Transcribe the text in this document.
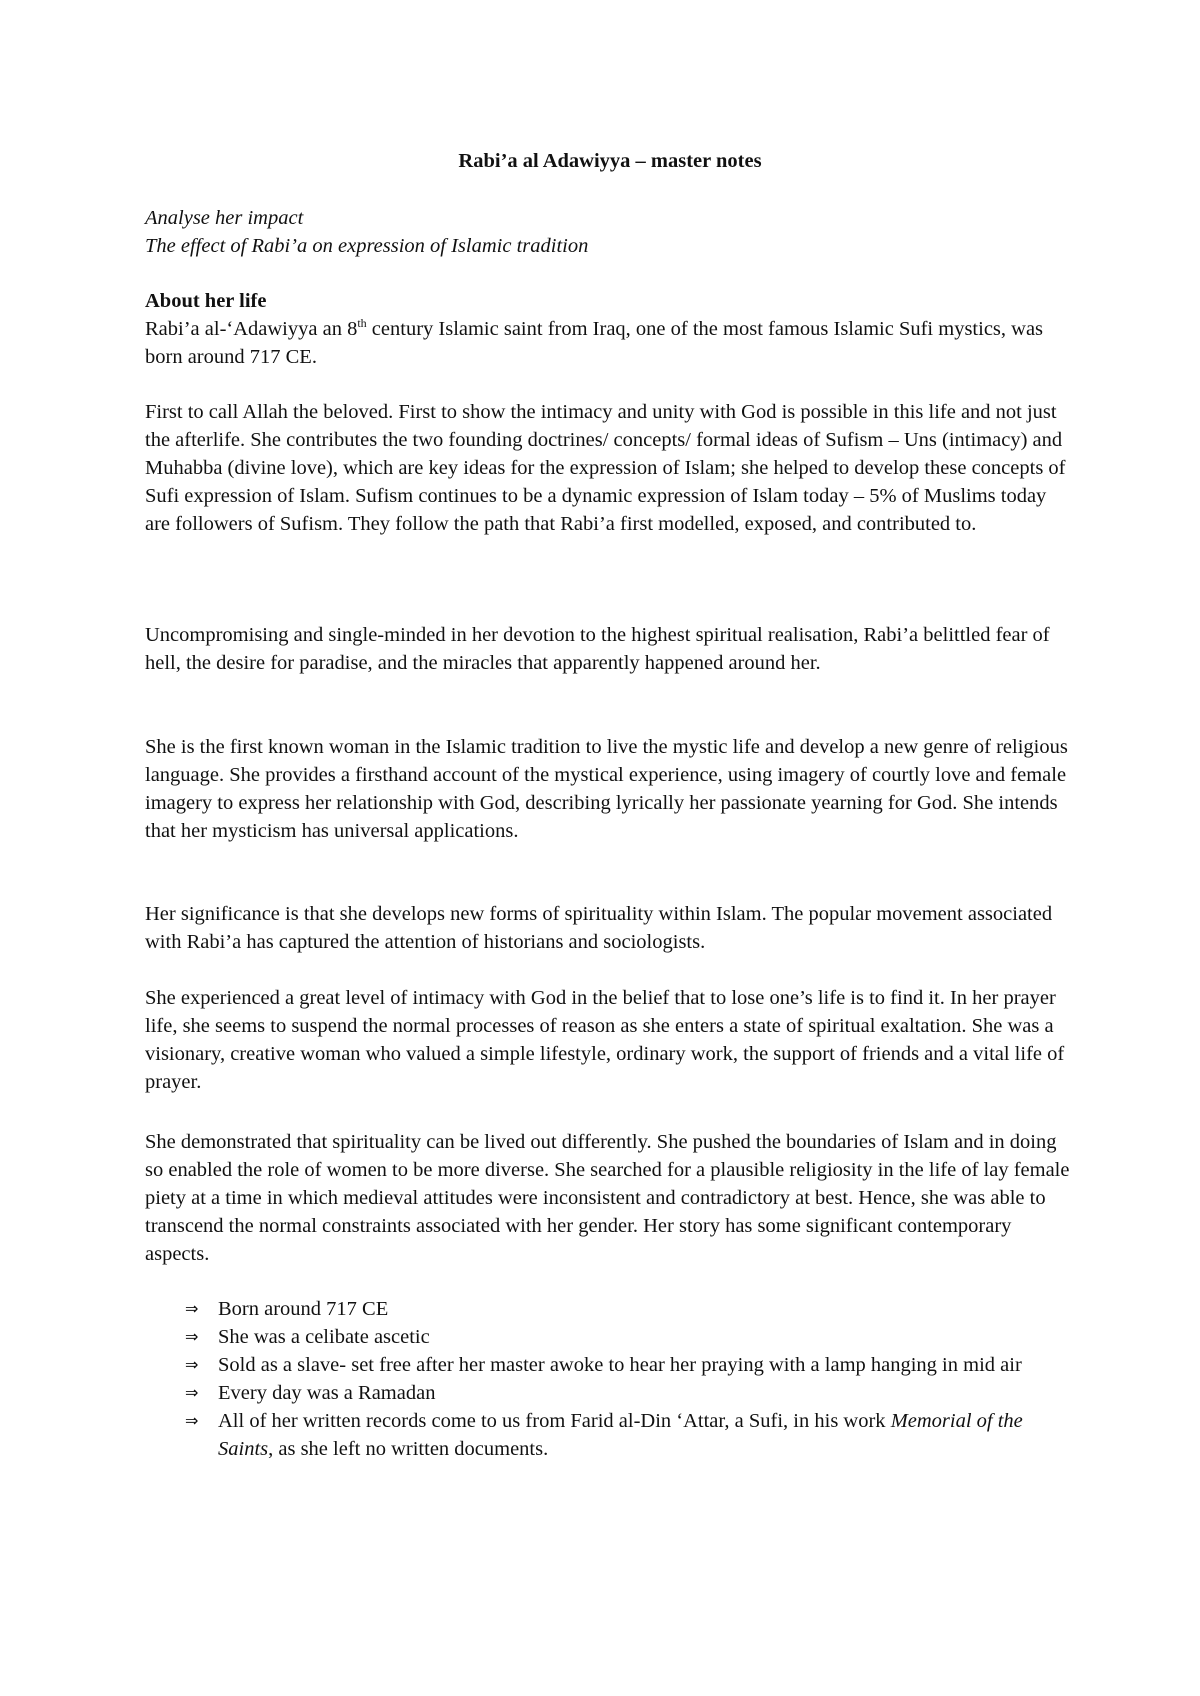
Rabi’a al Adawiyya – master notes
Analyse her impact
The effect of Rabi’a on expression of Islamic tradition
About her life

Rabi’a al-‘Adawiyya an 8th century Islamic saint from Iraq, one of the most famous Islamic Sufi mystics, was born around 717 CE.

First to call Allah the beloved. First to show the intimacy and unity with God is possible in this life and not just the afterlife. She contributes the two founding doctrines/ concepts/ formal ideas of Sufism – Uns (intimacy) and Muhabba (divine love), which are key ideas for the expression of Islam; she helped to develop these concepts of Sufi expression of Islam. Sufism continues to be a dynamic expression of Islam today – 5% of Muslims today are followers of Sufism. They follow the path that Rabi’a first modelled, exposed, and contributed to.

Uncompromising and single-minded in her devotion to the highest spiritual realisation, Rabi’a belittled fear of hell, the desire for paradise, and the miracles that apparently happened around her.

She is the first known woman in the Islamic tradition to live the mystic life and develop a new genre of religious language. She provides a firsthand account of the mystical experience, using imagery of courtly love and female imagery to express her relationship with God, describing lyrically her passionate yearning for God. She intends that her mysticism has universal applications.

Her significance is that she develops new forms of spirituality within Islam. The popular movement associated with Rabi’a has captured the attention of historians and sociologists.

She experienced a great level of intimacy with God in the belief that to lose one’s life is to find it. In her prayer life, she seems to suspend the normal processes of reason as she enters a state of spiritual exaltation. She was a visionary, creative woman who valued a simple lifestyle, ordinary work, the support of friends and a vital life of prayer.

She demonstrated that spirituality can be lived out differently. She pushed the boundaries of Islam and in doing so enabled the role of women to be more diverse. She searched for a plausible religiosity in the life of lay female piety at a time in which medieval attitudes were inconsistent and contradictory at best. Hence, she was able to transcend the normal constraints associated with her gender. Her story has some significant contemporary aspects.

⇒ Born around 717 CE
⇒ She was a celibate ascetic
⇒ Sold as a slave- set free after her master awoke to hear her praying with a lamp hanging in mid air
⇒ Every day was a Ramadan
⇒ All of her written records come to us from Farid al-Din ‘Attar, a Sufi, in his work Memorial of the Saints, as she left no written documents.
